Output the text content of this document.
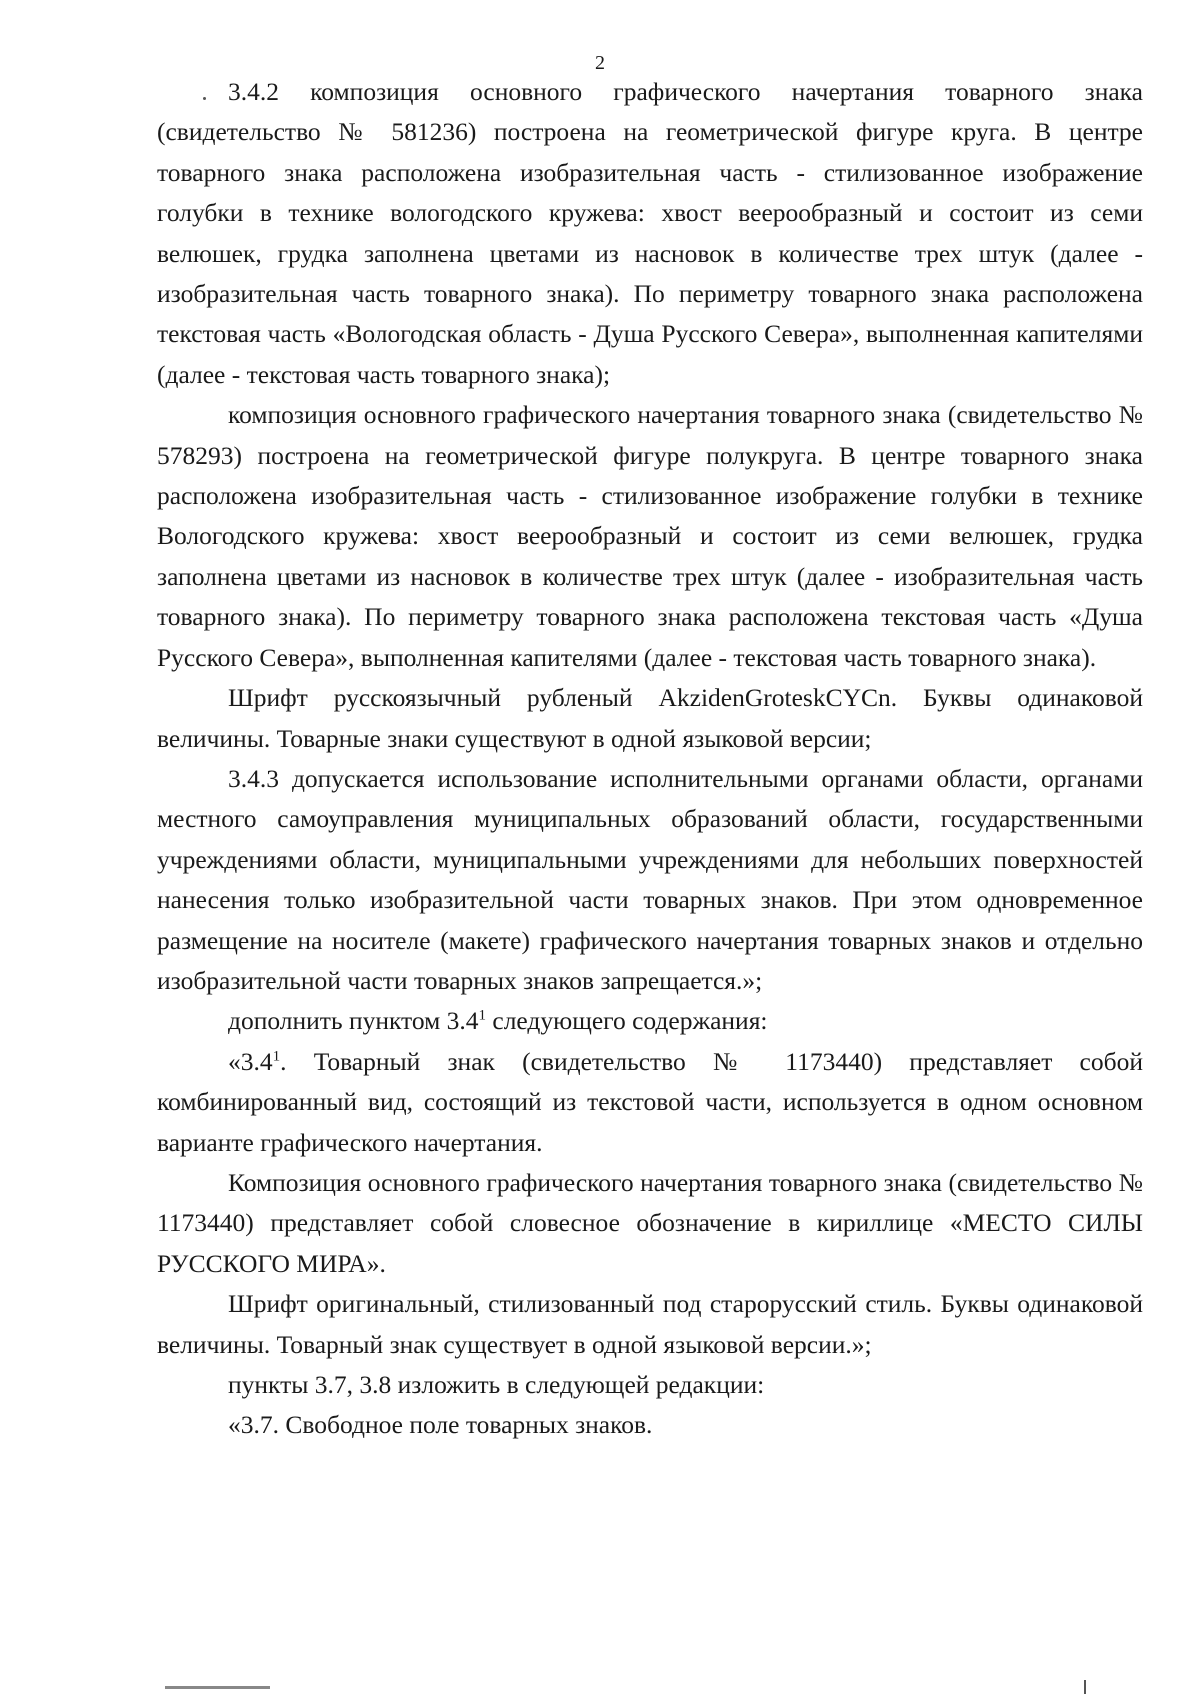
2

3.4.2 композиция основного графического начертания товарного знака (свидетельство № 581236) построена на геометрической фигуре круга. В центре товарного знака расположена изобразительная часть - стилизованное изображение голубки в технике вологодского кружева: хвост веерообразный и состоит из семи велюшек, грудка заполнена цветами из насновок в количестве трех штук (далее - изобразительная часть товарного знака). По периметру товарного знака расположена текстовая часть «Вологодская область - Душа Русского Севера», выполненная капителями (далее - текстовая часть товарного знака);

композиция основного графического начертания товарного знака (свидетельство № 578293) построена на геометрической фигуре полукруга. В центре товарного знака расположена изобразительная часть - стилизованное изображение голубки в технике Вологодского кружева: хвост веерообразный и состоит из семи велюшек, грудка заполнена цветами из насновок в количестве трех штук (далее - изобразительная часть товарного знака). По периметру товарного знака расположена текстовая часть «Душа Русского Севера», выполненная капителями (далее - текстовая часть товарного знака).

Шрифт русскоязычный рубленый AkzidenGroteskCYCn. Буквы одинаковой величины. Товарные знаки существуют в одной языковой версии;

3.4.3 допускается использование исполнительными органами области, органами местного самоуправления муниципальных образований области, государственными учреждениями области, муниципальными учреждениями для небольших поверхностей нанесения только изобразительной части товарных знаков. При этом одновременное размещение на носителе (макете) графического начертания товарных знаков и отдельно изобразительной части товарных знаков запрещается.»;

дополнить пунктом $3.4^1$ следующего содержания:

«$3.4^1$. Товарный знак (свидетельство № 1173440) представляет собой комбинированный вид, состоящий из текстовой части, используется в одном основном варианте графического начертания.

Композиция основного графического начертания товарного знака (свидетельство № 1173440) представляет собой словесное обозначение в кириллице «МЕСТО СИЛЫ РУССКОГО МИРА».

Шрифт оригинальный, стилизованный под старорусский стиль. Буквы одинаковой величины. Товарный знак существует в одной языковой версии.»;

пункты 3.7, 3.8 изложить в следующей редакции:

«3.7. Свободное поле товарных знаков.
